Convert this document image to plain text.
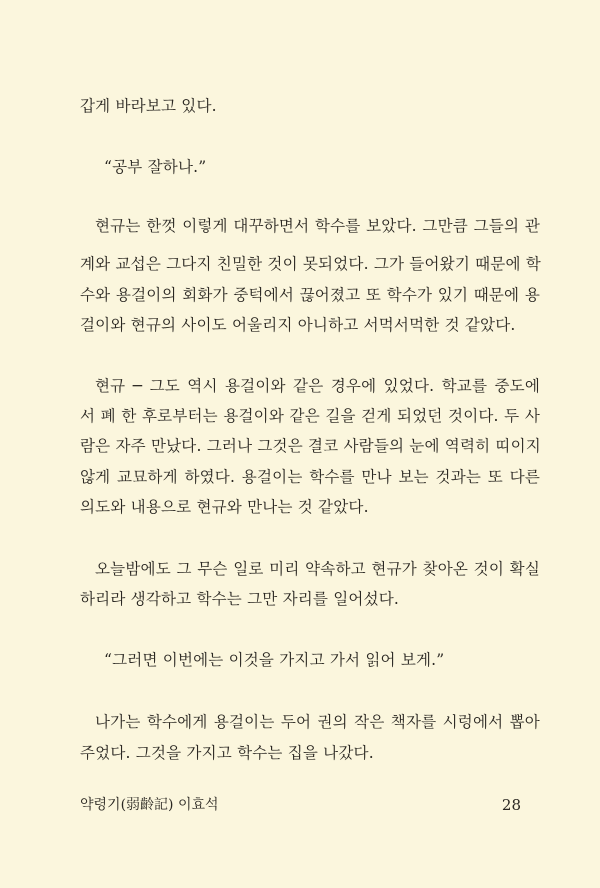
갑게 바라보고 있다.
“공부 잘하나.”
현규는 한껏 이렇게 대꾸하면서 학수를 보았다. 그만큼 그들의 관
계와 교섭은 그다지 친밀한 것이 못되었다. 그가 들어왔기 때문에 학
수와 용걸이의 회화가 중턱에서 끊어졌고 또 학수가 있기 때문에 용
걸이와 현규의 사이도 어울리지 아니하고 서먹서먹한 것 같았다.
현규 ─ 그도 역시 용걸이와 같은 경우에 있었다. 학교를 중도에
서 폐 한 후로부터는 용걸이와 같은 길을 걷게 되었던 것이다. 두 사
람은 자주 만났다. 그러나 그것은 결코 사람들의 눈에 역력히 띠이지
않게 교묘하게 하였다. 용걸이는 학수를 만나 보는 것과는 또 다른
의도와 내용으로 현규와 만나는 것 같았다.
오늘밤에도 그 무슨 일로 미리 약속하고 현규가 찾아온 것이 확실
하리라 생각하고 학수는 그만 자리를 일어섰다.
“그러면 이번에는 이것을 가지고 가서 읽어 보게.”
나가는 학수에게 용걸이는 두어 권의 작은 책자를 시렁에서 뽑아
주었다. 그것을 가지고 학수는 집을 나갔다.
약령기(弱齡記) 이효석	28
